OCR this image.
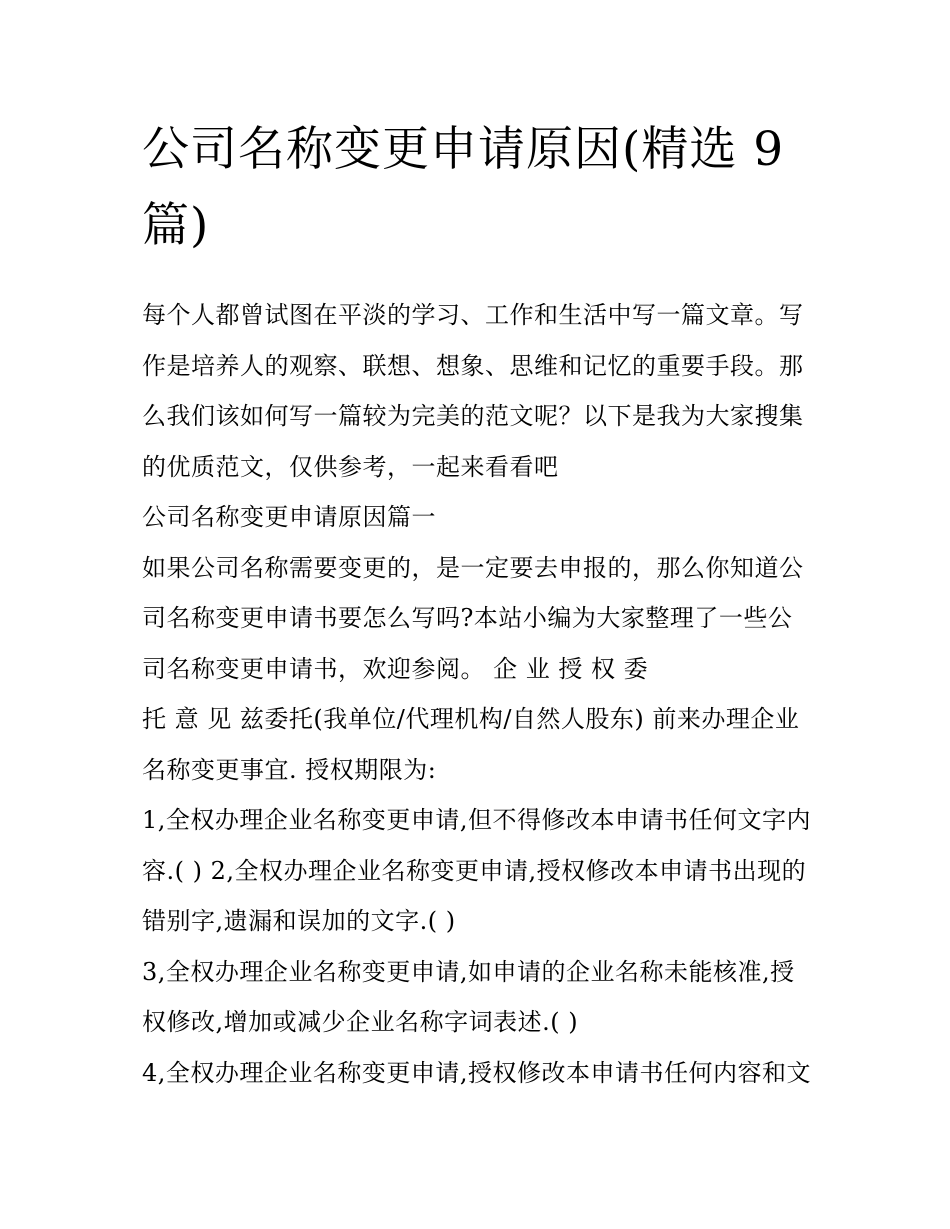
公司名称变更申请原因(精选 9 篇)

每个人都曾试图在平淡的学习、工作和生活中写一篇文章。写作是培养人的观察、联想、想象、思维和记忆的重要手段。那么我们该如何写一篇较为完美的范文呢？以下是我为大家搜集的优质范文，仅供参考，一起来看看吧

公司名称变更申请原因篇一

如果公司名称需要变更的，是一定要去申报的，那么你知道公司名称变更申请书要怎么写吗?本站小编为大家整理了一些公司名称变更申请书，欢迎参阅。 企 业 授 权 委

托 意 见 兹委托(我单位/代理机构/自然人股东) 前来办理企业名称变更事宜. 授权期限为:

1,全权办理企业名称变更申请,但不得修改本申请书任何文字内容.( ) 2,全权办理企业名称变更申请,授权修改本申请书出现的错别字,遗漏和误加的文字.( )

3,全权办理企业名称变更申请,如申请的企业名称未能核准,授权修改,增加或减少企业名称字词表述.( )

4,全权办理企业名称变更申请,授权修改本申请书任何内容和文
